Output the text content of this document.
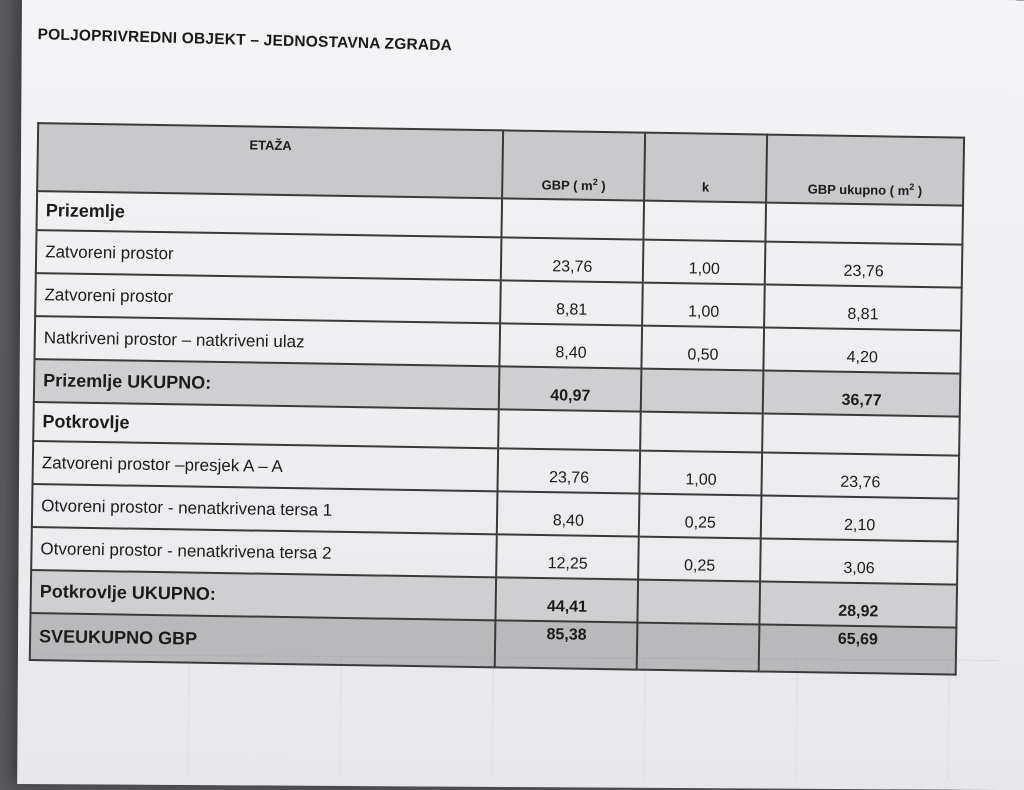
POLJOPRIVREDNI OBJEKT – JEDNOSTAVNA ZGRADA
ETAŽA	GBP ( $m^2$ )	k	GBP ukupno ( $m^2$ )
Prizemlje			
Zatvoreni prostor	23,76	1,00	23,76
Zatvoreni prostor	8,81	1,00	8,81
Natkriveni prostor – natkriveni ulaz	8,40	0,50	4,20
Prizemlje UKUPNO:	40,97		36,77
Potkrovlje			
Zatvoreni prostor –presjek A – A	23,76	1,00	23,76
Otvoreni prostor - nenatkrivena tersa 1	8,40	0,25	2,10
Otvoreni prostor - nenatkrivena tersa 2	12,25	0,25	3,06
Potkrovlje UKUPNO:	44,41		28,92
SVEUKUPNO GBP	85,38		65,69
